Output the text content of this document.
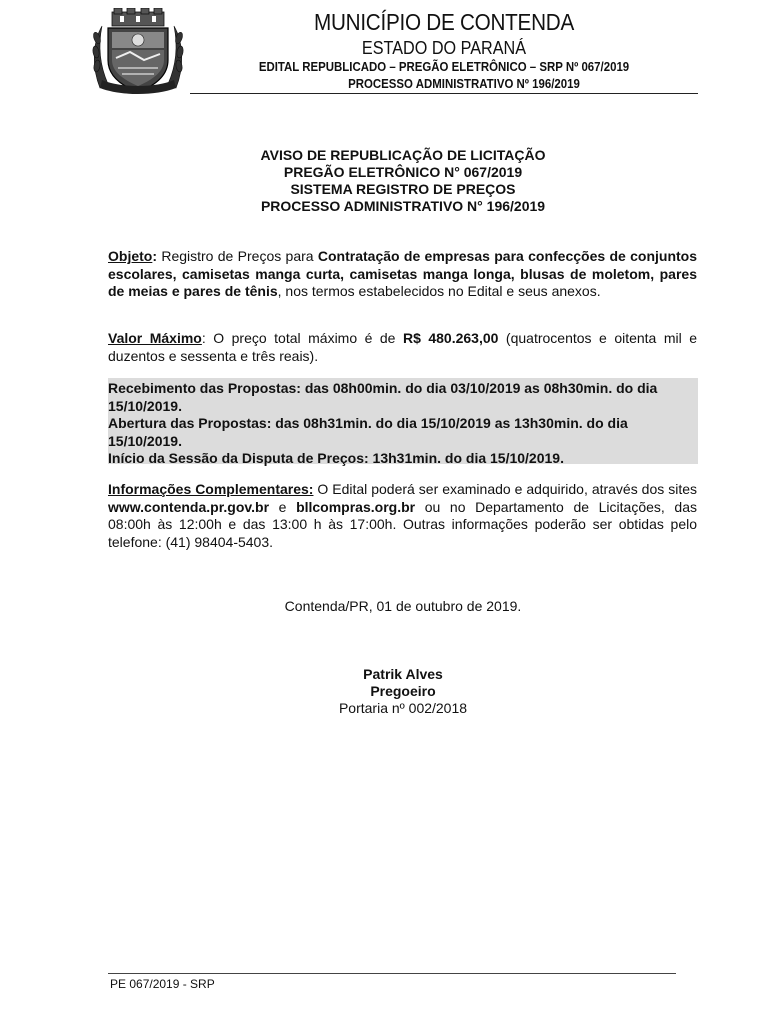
MUNICÍPIO DE CONTENDA
ESTADO DO PARANÁ
EDITAL REPUBLICADO – PREGÃO ELETRÔNICO – SRP Nº 067/2019
PROCESSO ADMINISTRATIVO Nº 196/2019
AVISO DE REPUBLICAÇÃO DE LICITAÇÃO
PREGÃO ELETRÔNICO N° 067/2019
SISTEMA REGISTRO DE PREÇOS
PROCESSO ADMINISTRATIVO N° 196/2019
Objeto: Registro de Preços para Contratação de empresas para confecções de conjuntos escolares, camisetas manga curta, camisetas manga longa, blusas de moletom, pares de meias e pares de tênis, nos termos estabelecidos no Edital e seus anexos.
Valor Máximo: O preço total máximo é de R$ 480.263,00 (quatrocentos e oitenta mil e duzentos e sessenta e três reais).
Recebimento das Propostas: das 08h00min. do dia 03/10/2019 as 08h30min. do dia 15/10/2019.
Abertura das Propostas: das 08h31min. do dia 15/10/2019 as 13h30min. do dia 15/10/2019.
Início da Sessão da Disputa de Preços: 13h31min. do dia 15/10/2019.
Informações Complementares: O Edital poderá ser examinado e adquirido, através dos sites www.contenda.pr.gov.br e bllcompras.org.br ou no Departamento de Licitações, das 08:00h às 12:00h e das 13:00 h às 17:00h. Outras informações poderão ser obtidas pelo telefone: (41) 98404-5403.
Contenda/PR, 01 de outubro de 2019.
Patrik Alves
Pregoeiro
Portaria nº 002/2018
PE 067/2019 - SRP
